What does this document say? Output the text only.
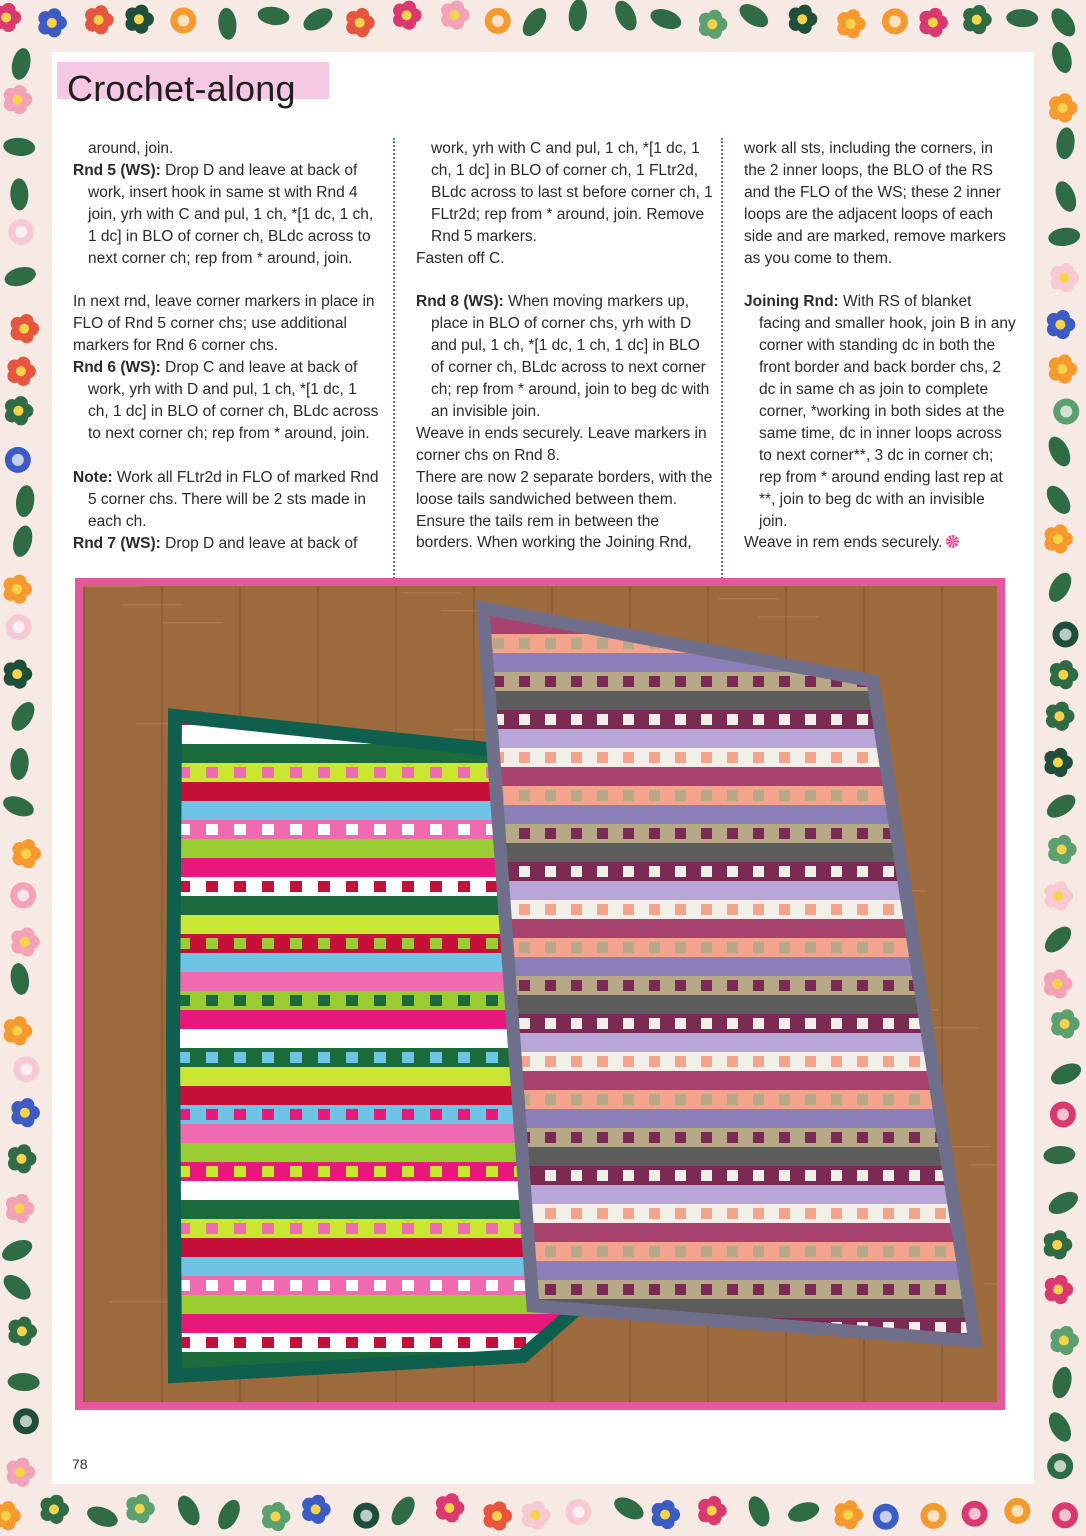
Crochet-along

around, join.

Rnd 5 (WS): Drop D and leave at back of work, insert hook in same st with Rnd 4 join, yrh with C and pul, 1 ch, *[1 dc, 1 ch, 1 dc] in BLO of corner ch, BLdc across to next corner ch; rep from * around, join.

In next rnd, leave corner markers in place in FLO of Rnd 5 corner chs; use additional markers for Rnd 6 corner chs.

Rnd 6 (WS): Drop C and leave at back of work, yrh with D and pul, 1 ch, *[1 dc, 1 ch, 1 dc] in BLO of corner ch, BLdc across to next corner ch; rep from * around, join.

Note: Work all FLtr2d in FLO of marked Rnd 5 corner chs. There will be 2 sts made in each ch.

Rnd 7 (WS): Drop D and leave at back of

work, yrh with C and pul, 1 ch, *[1 dc, 1 ch, 1 dc] in BLO of corner ch, 1 FLtr2d, BLdc across to last st before corner ch, 1 FLtr2d; rep from * around, join. Remove Rnd 5 markers.

Fasten off C.

Rnd 8 (WS): When moving markers up, place in BLO of corner chs, yrh with D and pul, 1 ch, *[1 dc, 1 ch, 1 dc] in BLO of corner ch, BLdc across to next corner ch; rep from * around, join to beg dc with an invisible join.

Weave in ends securely. Leave markers in corner chs on Rnd 8.

There are now 2 separate borders, with the loose tails sandwiched between them. Ensure the tails rem in between the borders. When working the Joining Rnd,

work all sts, including the corners, in the 2 inner loops, the BLO of the RS and the FLO of the WS; these 2 inner loops are the adjacent loops of each side and are marked, remove markers as you come to them.

Joining Rnd: With RS of blanket facing and smaller hook, join B in any corner with standing dc in both the front border and back border chs, 2 dc in same ch as join to complete corner, *working in both sides at the same time, dc in inner loops across to next corner**, 3 dc in corner ch; rep from * around ending last rep at **, join to beg dc with an invisible join.

Weave in rem ends securely.

78
